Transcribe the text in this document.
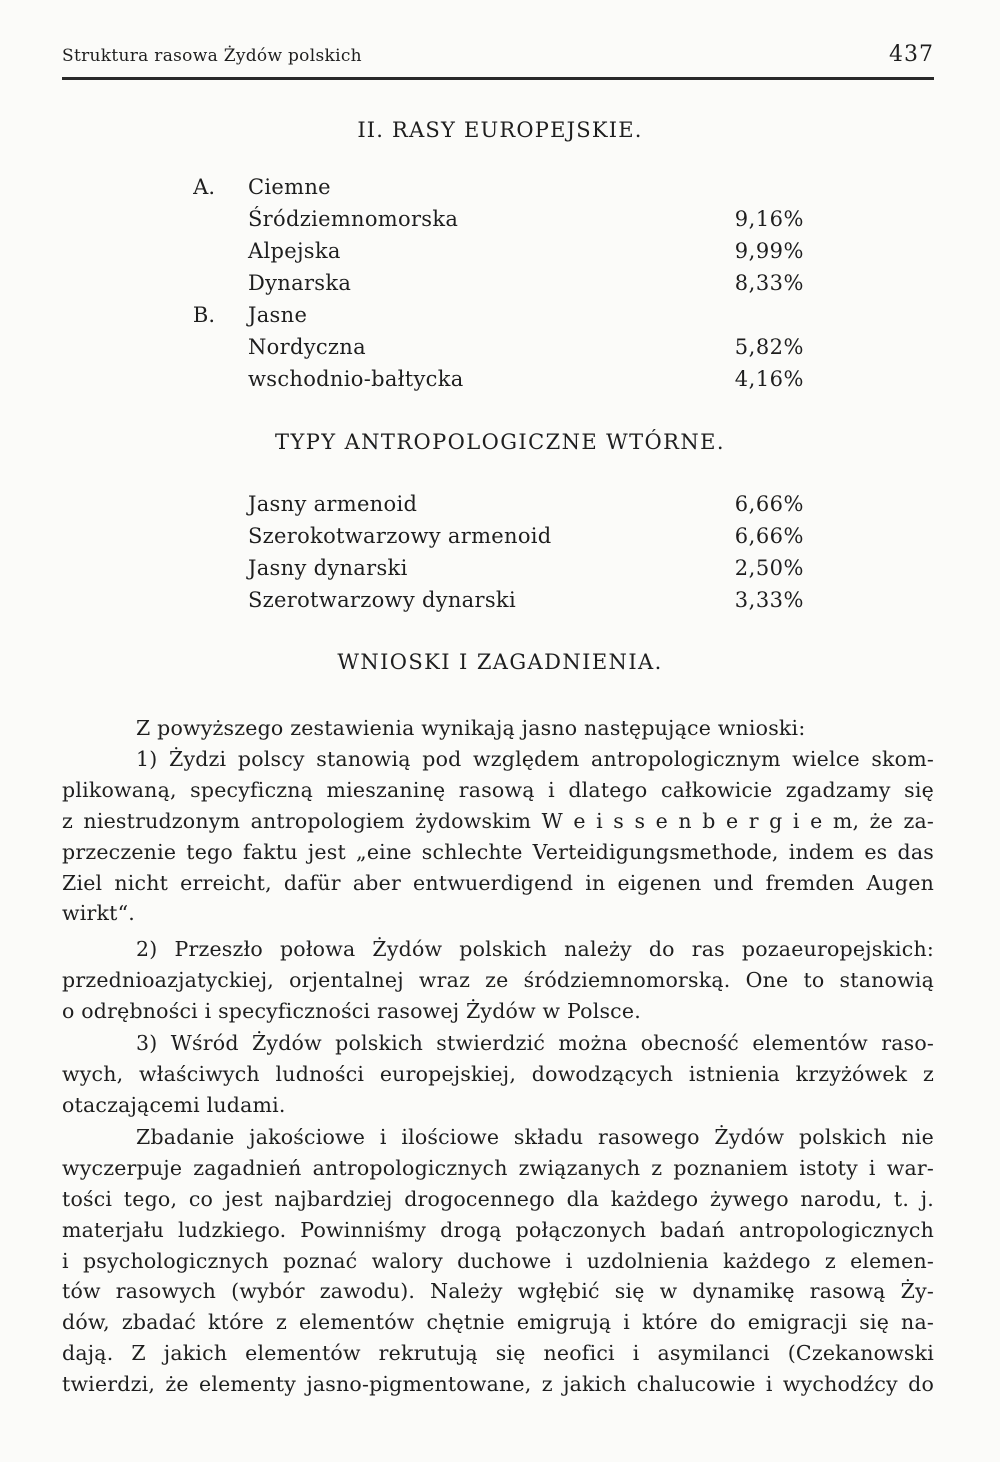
Struktura rasowa Żydów polskich	437
II. RASY EUROPEJSKIE.
A. Ciemne
Śródziemnomorska	9,16%
Alpejska	9,99%
Dynarska	8,33%
B. Jasne
Nordyczna	5,82%
wschodnio-bałtycka	4,16%
TYPY ANTROPOLOGICZNE WTÓRNE.
Jasny armenoid	6,66%
Szerokotwarzowy armenoid	6,66%
Jasny dynarski	2,50%
Szerotwarzowy dynarski	3,33%
WNIOSKI I ZAGADNIENIA.
Z powyższego zestawienia wynikają jasno następujące wnioski:
1) Żydzi polscy stanowią pod względem antropologicznym wielce skom-
plikowaną, specyficzną mieszaninę rasową i dlatego całkowicie zgadzamy się
z niestrudzonym antropologiem żydowskim W e i s s e n b e r g i e m, że za-
przeczenie tego faktu jest „eine schlechte Verteidigungsmethode, indem es das
Ziel nicht erreicht, dafür aber entwuerdigend in eigenen und fremden Augen
wirkt“.
2) Przeszło połowa Żydów polskich należy do ras pozaeuropejskich:
przednioazjatyckiej, orjentalnej wraz ze śródziemnomorską. One to stanowią
o odrębności i specyficzności rasowej Żydów w Polsce.
3) Wśród Żydów polskich stwierdzić można obecność elementów raso-
wych, właściwych ludności europejskiej, dowodzących istnienia krzyżówek z
otaczającemi ludami.
Zbadanie jakościowe i ilościowe składu rasowego Żydów polskich nie
wyczerpuje zagadnień antropologicznych związanych z poznaniem istoty i war-
tości tego, co jest najbardziej drogocennego dla każdego żywego narodu, t. j.
materjału ludzkiego. Powinniśmy drogą połączonych badań antropologicznych
i psychologicznych poznać walory duchowe i uzdolnienia każdego z elemen-
tów rasowych (wybór zawodu). Należy wgłębić się w dynamikę rasową Ży-
dów, zbadać które z elementów chętnie emigrują i które do emigracji się na-
dają. Z jakich elementów rekrutują się neofici i asymilanci (Czekanowski
twierdzi, że elementy jasno-pigmentowane, z jakich chalucowie i wychodźcy do
